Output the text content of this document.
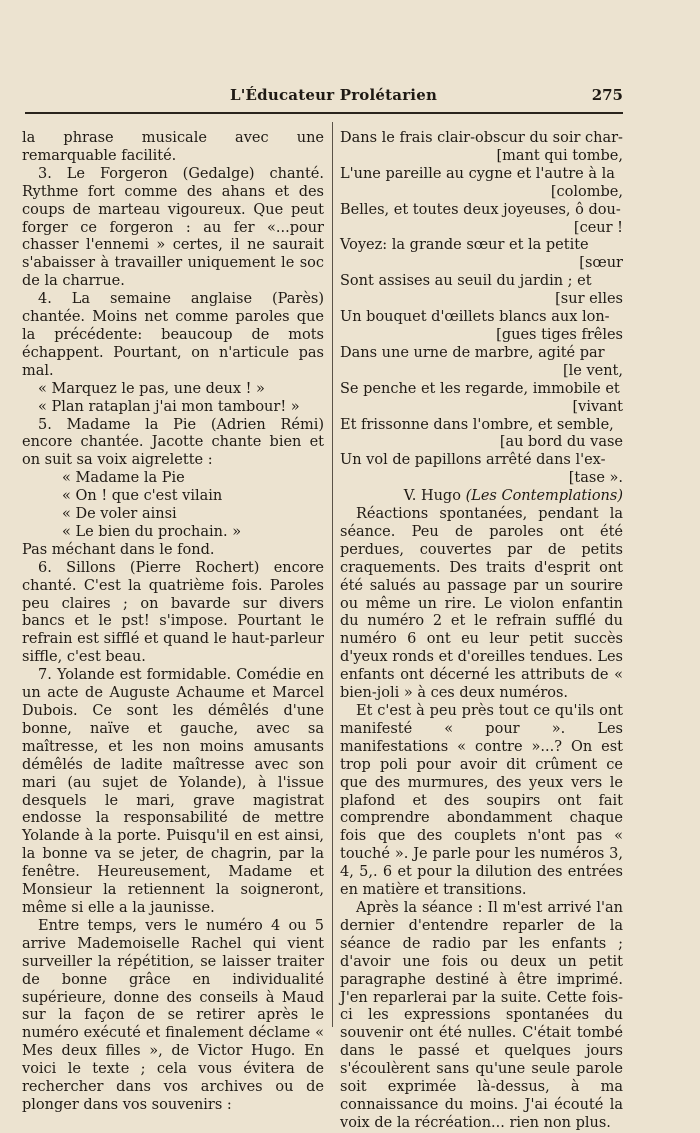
L'Éducateur Prolétarien	275

la phrase musicale avec une remarquable facilité.

3. Le Forgeron (Gedalge) chanté. Rythme fort comme des ahans et des coups de marteau vigoureux. Que peut forger ce forgeron : au fer «...pour chasser l'ennemi » certes, il ne saurait s'abaisser à travailler uniquement le soc de la charrue.

4. La semaine anglaise (Parès) chantée. Moins net comme paroles que la précédente: beaucoup de mots échappent. Pourtant, on n'articule pas mal.

« Marquez le pas, une deux ! »

« Plan rataplan j'ai mon tambour! »

5. Madame la Pie (Adrien Rémi) encore chantée. Jacotte chante bien et on suit sa voix aigrelette :

« Madame la Pie

« On ! que c'est vilain

« De voler ainsi

« Le bien du prochain. »

Pas méchant dans le fond.

6. Sillons (Pierre Rochert) encore chanté. C'est la quatrième fois. Paroles peu claires ; on bavarde sur divers bancs et le pst! s'impose. Pourtant le refrain est sifflé et quand le haut-parleur siffle, c'est beau.

7. Yolande est formidable. Comédie en un acte de Auguste Achaume et Marcel Dubois. Ce sont les démêlés d'une bonne, naïve et gauche, avec sa maîtresse, et les non moins amusants démêlés de ladite maîtresse avec son mari (au sujet de Yolande), à l'issue desquels le mari, grave magistrat endosse la responsabilité de mettre Yolande à la porte. Puisqu'il en est ainsi, la bonne va se jeter, de chagrin, par la fenêtre. Heureusement, Madame et Monsieur la retiennent la soigneront, même si elle a la jaunisse.

Entre temps, vers le numéro 4 ou 5 arrive Mademoiselle Rachel qui vient surveiller la répétition, se laisser traiter de bonne grâce en individualité supérieure, donne des conseils à Maud sur la façon de se retirer après le numéro exécuté et finalement déclame « Mes deux filles », de Victor Hugo. En voici le texte ; cela vous évitera de rechercher dans vos archives ou de plonger dans vos souvenirs :

Dans le frais clair-obscur du soir char-

[mant qui tombe,

L'une pareille au cygne et l'autre à la

[colombe,

Belles, et toutes deux joyeuses, ô dou-

[ceur !

Voyez: la grande sœur et la petite

[sœur

Sont assises au seuil du jardin ; et

[sur elles

Un bouquet d'œillets blancs aux lon-

[gues tiges frêles

Dans une urne de marbre, agité par

[le vent,

Se penche et les regarde, immobile et

[vivant

Et frissonne dans l'ombre, et semble,

[au bord du vase

Un vol de papillons arrêté dans l'ex-

[tase ».

V. Hugo (Les Contemplations)

Réactions spontanées, pendant la séance. Peu de paroles ont été perdues, couvertes par de petits craquements. Des traits d'esprit ont été salués au passage par un sourire ou même un rire. Le violon enfantin du numéro 2 et le refrain sufflé du numéro 6 ont eu leur petit succès d'yeux ronds et d'oreilles tendues. Les enfants ont décerné les attributs de « bien-joli » à ces deux numéros.

Et c'est à peu près tout ce qu'ils ont manifesté « pour ». Les manifestations « contre »...? On est trop poli pour avoir dit crûment ce que des murmures, des yeux vers le plafond et des soupirs ont fait comprendre abondamment chaque fois que des couplets n'ont pas « touché ». Je parle pour les numéros 3, 4, 5,. 6 et pour la dilution des entrées en matière et transitions.

Après la séance : Il m'est arrivé l'an dernier d'entendre reparler de la séance de radio par les enfants ; d'avoir une fois ou deux un petit paragraphe destiné à être imprimé. J'en reparlerai par la suite. Cette fois-ci les expressions spontanées du souvenir ont été nulles. C'était tombé dans le passé et quelques jours s'écoulèrent sans qu'une seule parole soit exprimée là-dessus, à ma connaissance du moins. J'ai écouté la voix de la récréation... rien non plus.
